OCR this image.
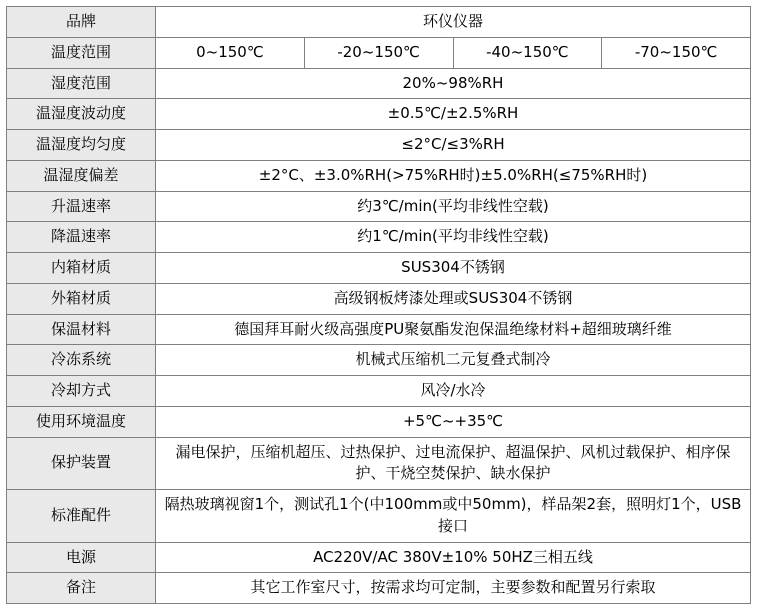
品牌	环仪仪器			
温度范围	0~150℃	-20~150℃	-40~150℃	-70~150℃
湿度范围	20%~98%RH			
温湿度波动度	±0.5℃/±2.5%RH			
温湿度均匀度	≤2°C/≤3%RH			
温湿度偏差	±2°C、±3.0%RH(>75%RH时)±5.0%RH(≤75%RH时)			
升温速率	约3℃/min(平均非线性空载)			
降温速率	约1℃/min(平均非线性空载)			
内箱材质	SUS304不锈钢			
外箱材质	高级钢板烤漆处理或SUS304不锈钢			
保温材料	德国拜耳耐火级高强度PU聚氨酯发泡保温绝缘材料+超细玻璃纤维			
冷冻系统	机械式压缩机二元复叠式制冷			
冷却方式	风冷/水冷			
使用环境温度	+5℃~+35℃			
保护装置	漏电保护，压缩机超压、过热保护、过电流保护、超温保护、风机过载保护、相序保护、干烧空焚保护、缺水保护			
标准配件	隔热玻璃视窗1个，测试孔1个(中100mm或中50mm)，样品架2套，照明灯1个，USB接口			
电源	AC220V/AC 380V±10% 50HZ三相五线			
备注	其它工作室尺寸，按需求均可定制，主要参数和配置另行索取			
